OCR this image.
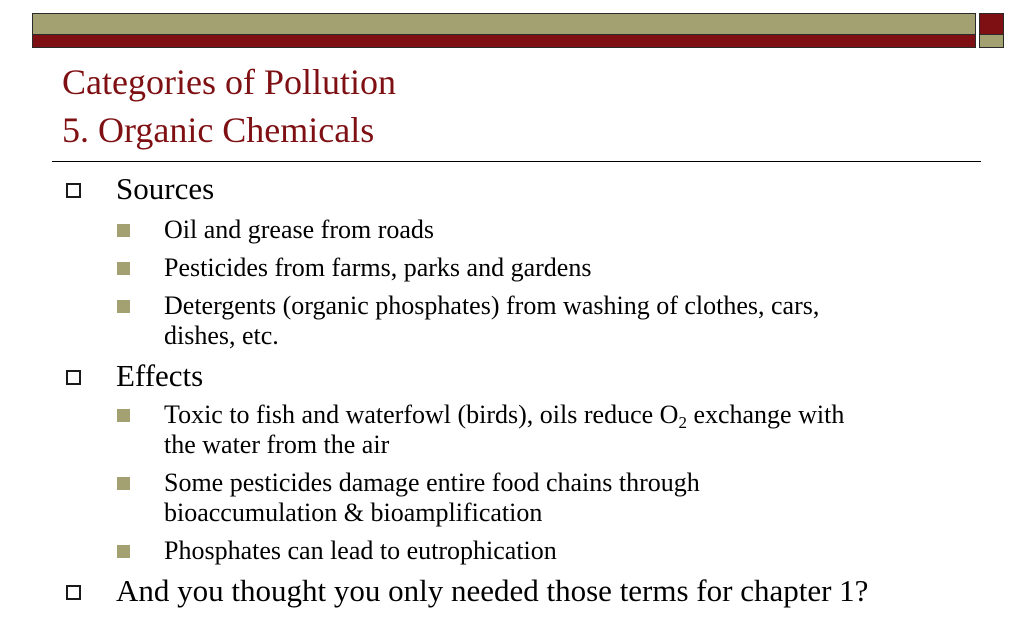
Categories of Pollution
5. Organic Chemicals
Sources
Oil and grease from roads
Pesticides from farms, parks and gardens
Detergents (organic phosphates) from washing of clothes, cars,
dishes, etc.
Effects
Toxic to fish and waterfowl (birds), oils reduce $O_2$ exchange with
the water from the air
Some pesticides damage entire food chains through
bioaccumulation & bioamplification
Phosphates can lead to eutrophication
And you thought you only needed those terms for chapter 1?
